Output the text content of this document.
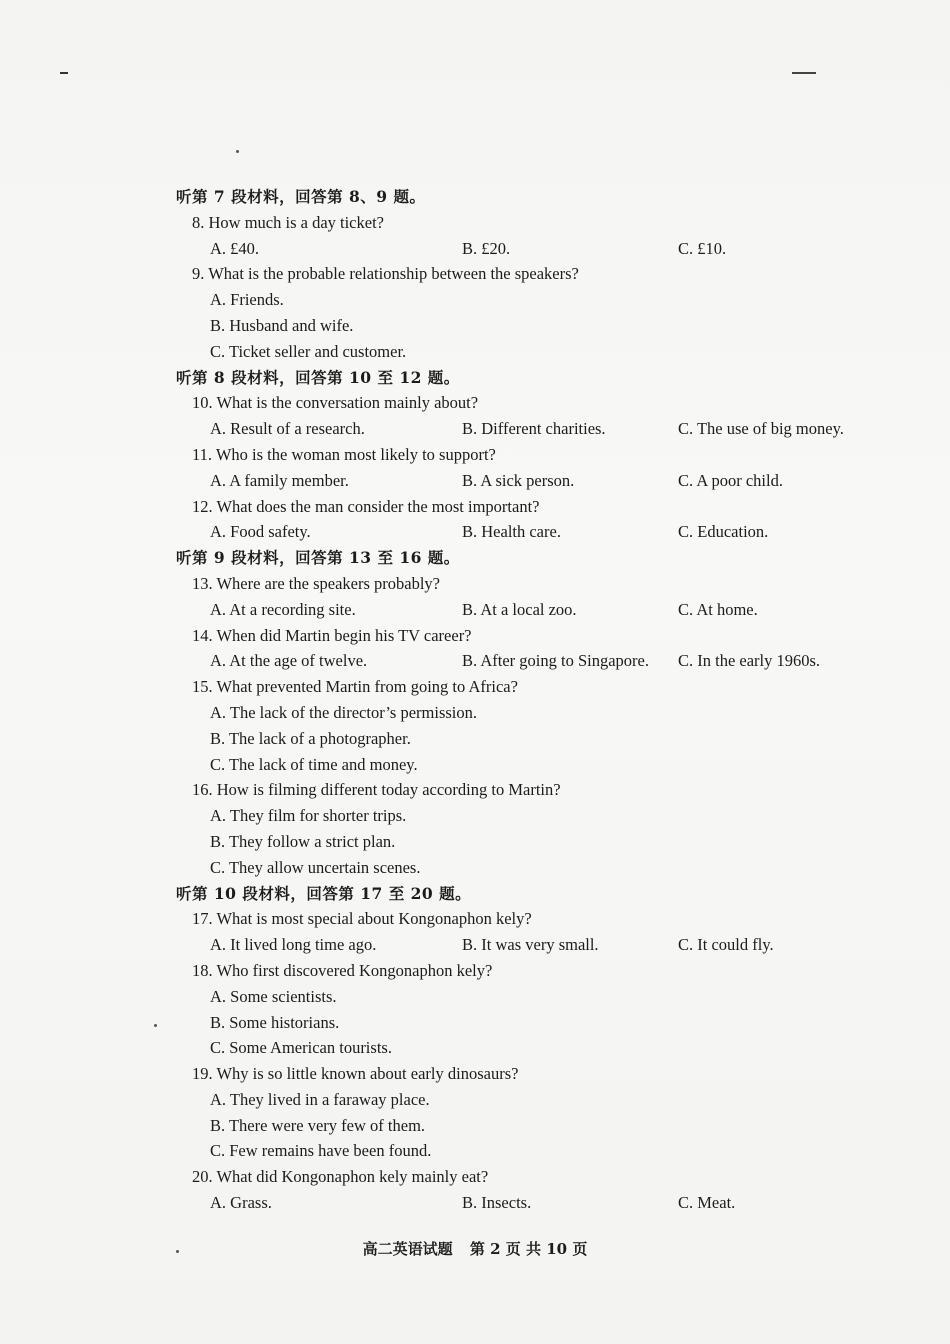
听第 7 段材料，回答第 8、9 题。
8. How much is a day ticket?
A. £40.	B. £20.	C. £10.
9. What is the probable relationship between the speakers?
A. Friends.
B. Husband and wife.
C. Ticket seller and customer.
听第 8 段材料，回答第 10 至 12 题。
10. What is the conversation mainly about?
A. Result of a research.	B. Different charities.	C. The use of big money.
11. Who is the woman most likely to support?
A. A family member.	B. A sick person.	C. A poor child.
12. What does the man consider the most important?
A. Food safety.	B. Health care.	C. Education.
听第 9 段材料，回答第 13 至 16 题。
13. Where are the speakers probably?
A. At a recording site.	B. At a local zoo.	C. At home.
14. When did Martin begin his TV career?
A. At the age of twelve.	B. After going to Singapore. C. In the early 1960s.
15. What prevented Martin from going to Africa?
A. The lack of the director’s permission.
B. The lack of a photographer.
C. The lack of time and money.
16. How is filming different today according to Martin?
A. They film for shorter trips.
B. They follow a strict plan.
C. They allow uncertain scenes.
听第 10 段材料，回答第 17 至 20 题。
17. What is most special about Kongonaphon kely?
A. It lived long time ago.	B. It was very small.	C. It could fly.
18. Who first discovered Kongonaphon kely?
A. Some scientists.
B. Some historians.
C. Some American tourists.
19. Why is so little known about early dinosaurs?
A. They lived in a faraway place.
B. There were very few of them.
C. Few remains have been found.
20. What did Kongonaphon kely mainly eat?
A. Grass.	B. Insects.	C. Meat.
高二英语试题 第 2 页 共 10 页
